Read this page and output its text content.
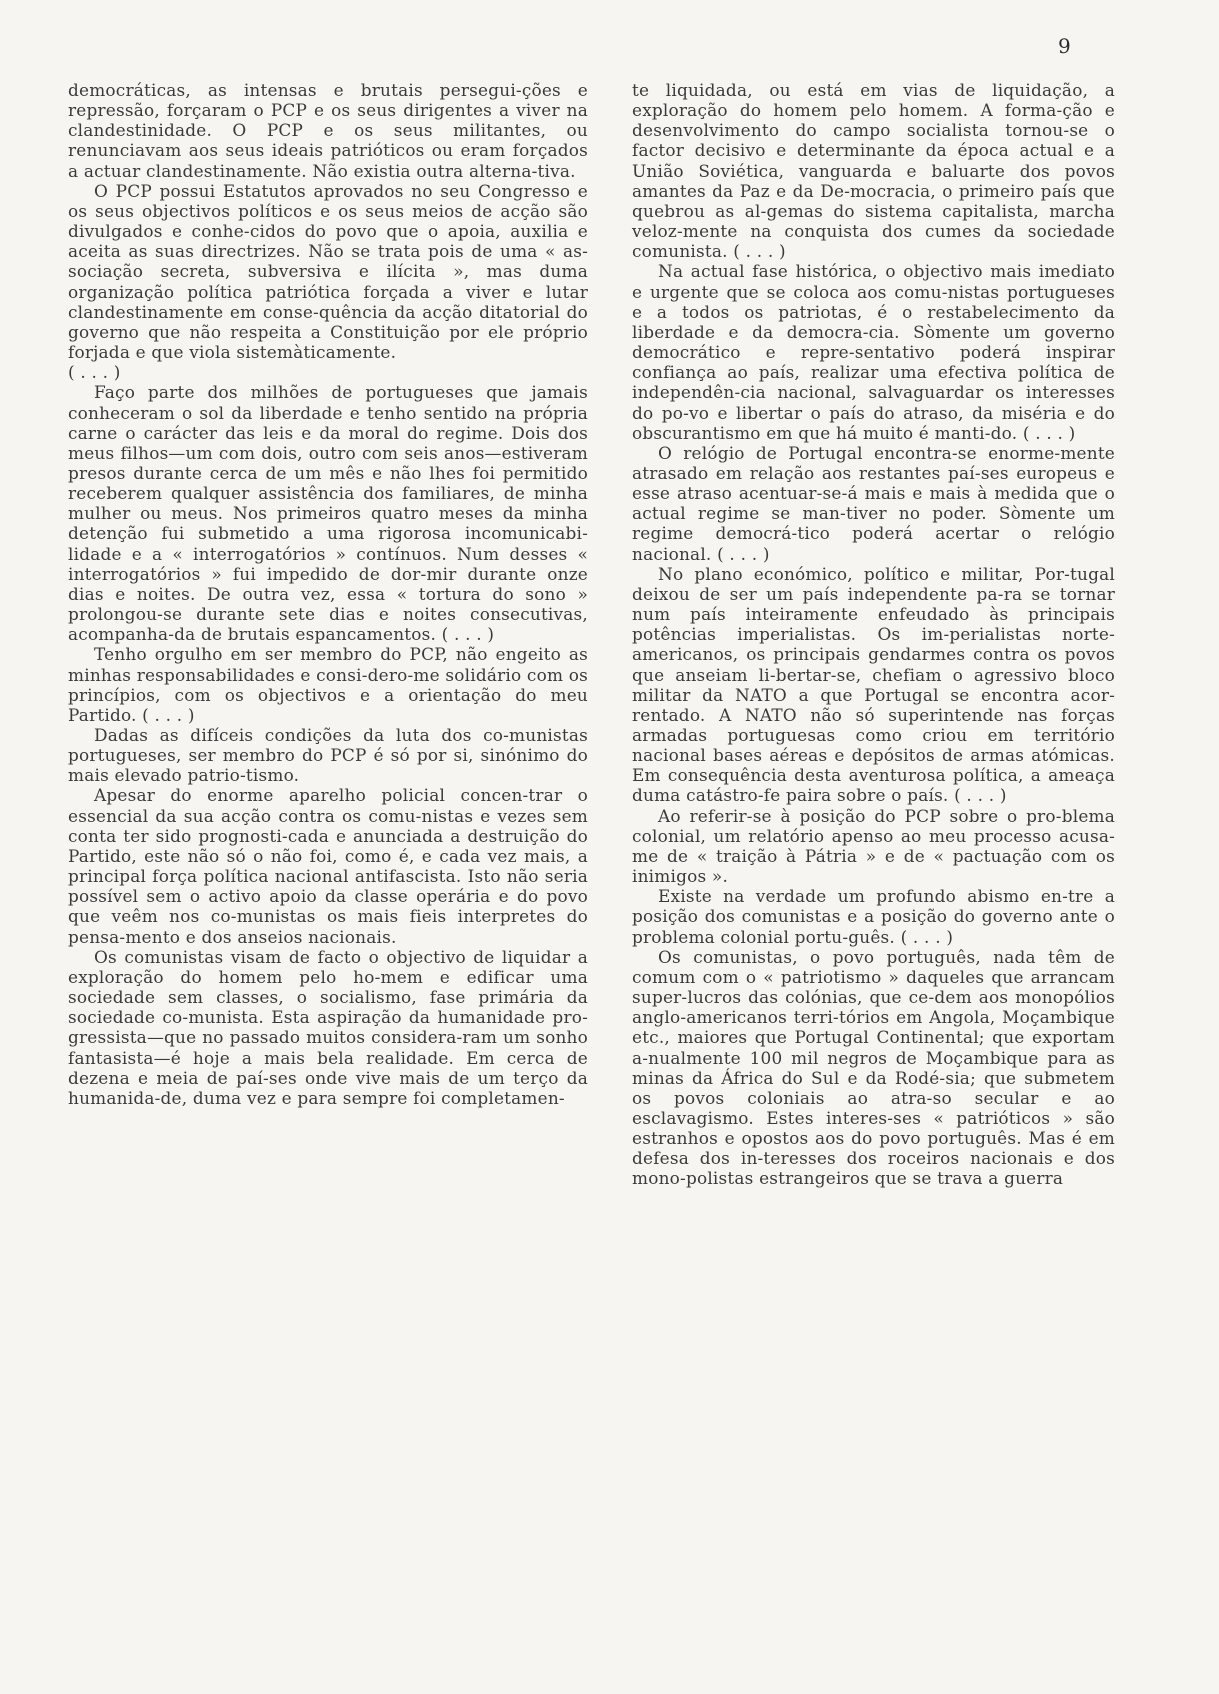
9

democráticas, as intensas e brutais persegui-ções e repressão, forçaram o PCP e os seus dirigentes a viver na clandestinidade. O PCP e os seus militantes, ou renunciavam aos seus ideais patrióticos ou eram forçados a actuar clandestinamente. Não existia outra alterna-tiva.

O PCP possui Estatutos aprovados no seu Congresso e os seus objectivos políticos e os seus meios de acção são divulgados e conhe-cidos do povo que o apoia, auxilia e aceita as suas directrizes. Não se trata pois de uma « as-sociação secreta, subversiva e ilícita », mas duma organização política patriótica forçada a viver e lutar clandestinamente em conse-quência da acção ditatorial do governo que não respeita a Constituição por ele próprio forjada e que viola sistemàticamente.

( . . . )

Faço parte dos milhões de portugueses que jamais conheceram o sol da liberdade e tenho sentido na própria carne o carácter das leis e da moral do regime. Dois dos meus filhos—um com dois, outro com seis anos—estiveram presos durante cerca de um mês e não lhes foi permitido receberem qualquer assistência dos familiares, de minha mulher ou meus. Nos primeiros quatro meses da minha detenção fui submetido a uma rigorosa incomunicabi-lidade e a « interrogatórios » contínuos. Num desses « interrogatórios » fui impedido de dor-mir durante onze dias e noites. De outra vez, essa « tortura do sono » prolongou-se durante sete dias e noites consecutivas, acompanha-da de brutais espancamentos. ( . . . )

Tenho orgulho em ser membro do PCP, não engeito as minhas responsabilidades e consi-dero-me solidário com os princípios, com os objectivos e a orientação do meu Partido. ( . . . )

Dadas as difíceis condições da luta dos co-munistas portugueses, ser membro do PCP é só por si, sinónimo do mais elevado patrio-tismo.

Apesar do enorme aparelho policial concen-trar o essencial da sua acção contra os comu-nistas e vezes sem conta ter sido prognosti-cada e anunciada a destruição do Partido, este não só o não foi, como é, e cada vez mais, a principal força política nacional antifascista. Isto não seria possível sem o activo apoio da classe operária e do povo que veêm nos co-munistas os mais fieis interpretes do pensa-mento e dos anseios nacionais.

Os comunistas visam de facto o objectivo de liquidar a exploração do homem pelo ho-mem e edificar uma sociedade sem classes, o socialismo, fase primária da sociedade co-munista. Esta aspiração da humanidade pro-gressista—que no passado muitos considera-ram um sonho fantasista—é hoje a mais bela realidade. Em cerca de dezena e meia de paí-ses onde vive mais de um terço da humanida-de, duma vez e para sempre foi completamen-

te liquidada, ou está em vias de liquidação, a exploração do homem pelo homem. A forma-ção e desenvolvimento do campo socialista tornou-se o factor decisivo e determinante da época actual e a União Soviética, vanguarda e baluarte dos povos amantes da Paz e da De-mocracia, o primeiro país que quebrou as al-gemas do sistema capitalista, marcha veloz-mente na conquista dos cumes da sociedade comunista. ( . . . )

Na actual fase histórica, o objectivo mais imediato e urgente que se coloca aos comu-nistas portugueses e a todos os patriotas, é o restabelecimento da liberdade e da democra-cia. Sòmente um governo democrático e repre-sentativo poderá inspirar confiança ao país, realizar uma efectiva política de independên-cia nacional, salvaguardar os interesses do po-vo e libertar o país do atraso, da miséria e do obscurantismo em que há muito é manti-do. ( . . . )

O relógio de Portugal encontra-se enorme-mente atrasado em relação aos restantes paí-ses europeus e esse atraso acentuar-se-á mais e mais à medida que o actual regime se man-tiver no poder. Sòmente um regime democrá-tico poderá acertar o relógio nacional. ( . . . )

No plano económico, político e militar, Por-tugal deixou de ser um país independente pa-ra se tornar num país inteiramente enfeudado às principais potências imperialistas. Os im-perialistas norte-americanos, os principais gendarmes contra os povos que anseiam li-bertar-se, chefiam o agressivo bloco militar da NATO a que Portugal se encontra acor-rentado. A NATO não só superintende nas forças armadas portuguesas como criou em território nacional bases aéreas e depósitos de armas atómicas. Em consequência desta aventurosa política, a ameaça duma catástro-fe paira sobre o país. ( . . . )

Ao referir-se à posição do PCP sobre o pro-blema colonial, um relatório apenso ao meu processo acusa-me de « traição à Pátria » e de « pactuação com os inimigos ».

Existe na verdade um profundo abismo en-tre a posição dos comunistas e a posição do governo ante o problema colonial portu-guês. ( . . . )

Os comunistas, o povo português, nada têm de comum com o « patriotismo » daqueles que arrancam super-lucros das colónias, que ce-dem aos monopólios anglo-americanos terri-tórios em Angola, Moçambique etc., maiores que Portugal Continental; que exportam a-nualmente 100 mil negros de Moçambique para as minas da África do Sul e da Rodé-sia; que submetem os povos coloniais ao atra-so secular e ao esclavagismo. Estes interes-ses « patrióticos » são estranhos e opostos aos do povo português. Mas é em defesa dos in-teresses dos roceiros nacionais e dos mono-polistas estrangeiros que se trava a guerra
